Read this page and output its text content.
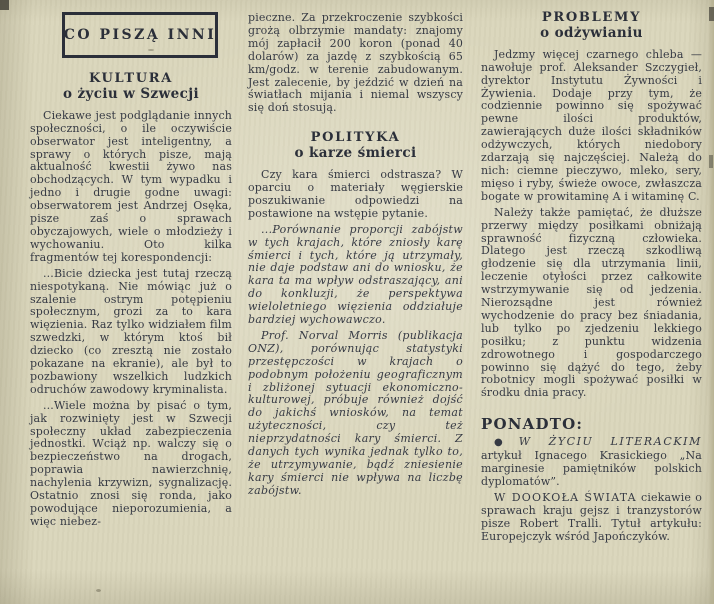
CO PISZĄ INNI
KULTURA
o życiu w Szwecji

Ciekawe jest podglądanie innych społeczności, o ile oczywiście obserwator jest inteligentny, a sprawy o których pisze, mają aktualność kwestii żywo nas obchodzących. W tym wypadku i jedno i drugie godne uwagi: obserwatorem jest Andrzej Osęka, pisze zaś o sprawach obyczajowych, wiele o młodzieży i wychowaniu. Oto kilka fragmentów tej korespondencji:

...Bicie dziecka jest tutaj rzeczą niespotykaną. Nie mówiąc już o szalenie ostrym potępieniu społecznym, grozi za to kara więzienia. Raz tylko widziałem film szwedzki, w którym ktoś bił dziecko (co zresztą nie zostało pokazane na ekranie), ale był to pozbawiony wszelkich ludzkich odruchów zawodowy kryminalista.

...Wiele można by pisać o tym, jak rozwinięty jest w Szwecji społeczny układ zabezpieczenia jednostki. Wciąż np. walczy się o bezpieczeństwo na drogach, poprawia nawierzchnię, nachylenia krzywizn, sygnalizację. Ostatnio znosi się ronda, jako powodujące nieporozumienia, a więc niebez-

pieczne. Za przekroczenie szybkości grożą olbrzymie mandaty: znajomy mój zapłacił 200 koron (ponad 40 dolarów) za jazdę z szybkością 65 km/godz. w terenie zabudowanym. Jest zalecenie, by jeździć w dzień na światłach mijania i niemal wszyscy się doń stosują.

POLITYKA
o karze śmierci

Czy kara śmierci odstrasza? W oparciu o materiały węgierskie poszukiwanie odpowiedzi na postawione na wstępie pytanie.

...Porównanie proporcji zabójstw w tych krajach, które zniosły karę śmierci i tych, które ją utrzymały, nie daje podstaw ani do wniosku, że kara ta ma wpływ odstraszający, ani do konkluzji, że perspektywa wieloletniego więzienia oddziałuje bardziej wychowawczo.

Prof. Norval Morris (publikacja ONZ), porównując statystyki przestępczości w krajach o podobnym położeniu geograficznym i zbliżonej sytuacji ekonomiczno-kulturowej, próbuje również dojść do jakichś wniosków, na temat użyteczności, czy też nieprzydatności kary śmierci. Z danych tych wynika jednak tylko to, że utrzymywanie, bądź zniesienie kary śmierci nie wpływa na liczbę zabójstw.

PROBLEMY
o odżywianiu

Jedzmy więcej czarnego chleba — nawołuje prof. Aleksander Szczygieł, dyrektor Instytutu Żywności i Żywienia. Dodaje przy tym, że codziennie powinno się spożywać pewne ilości produktów, zawierających duże ilości składników odżywczych, których niedobory zdarzają się najczęściej. Należą do nich: ciemne pieczywo, mleko, sery, mięso i ryby, świeże owoce, zwłaszcza bogate w prowitaminę A i witaminę C.

Należy także pamiętać, że dłuższe przerwy między posiłkami obniżają sprawność fizyczną człowieka. Dlatego jest rzeczą szkodliwą głodzenie się dla utrzymania linii, leczenie otyłości przez całkowite wstrzymywanie się od jedzenia. Nierozsądne jest również wychodzenie do pracy bez śniadania, lub tylko po zjedzeniu lekkiego posiłku; z punktu widzenia zdrowotnego i gospodarczego powinno się dążyć do tego, żeby robotnicy mogli spożywać posiłki w środku dnia pracy.

PONADTO:

● W ŻYCIU LITERACKIM artykuł Ignacego Krasickiego „Na marginesie pamiętników polskich dyplomatów”.

W DOOKOŁA ŚWIATA ciekawie o sprawach kraju gejsz i tranzystorów pisze Robert Tralli. Tytuł artykułu: Europejczyk wśród Japończyków.
